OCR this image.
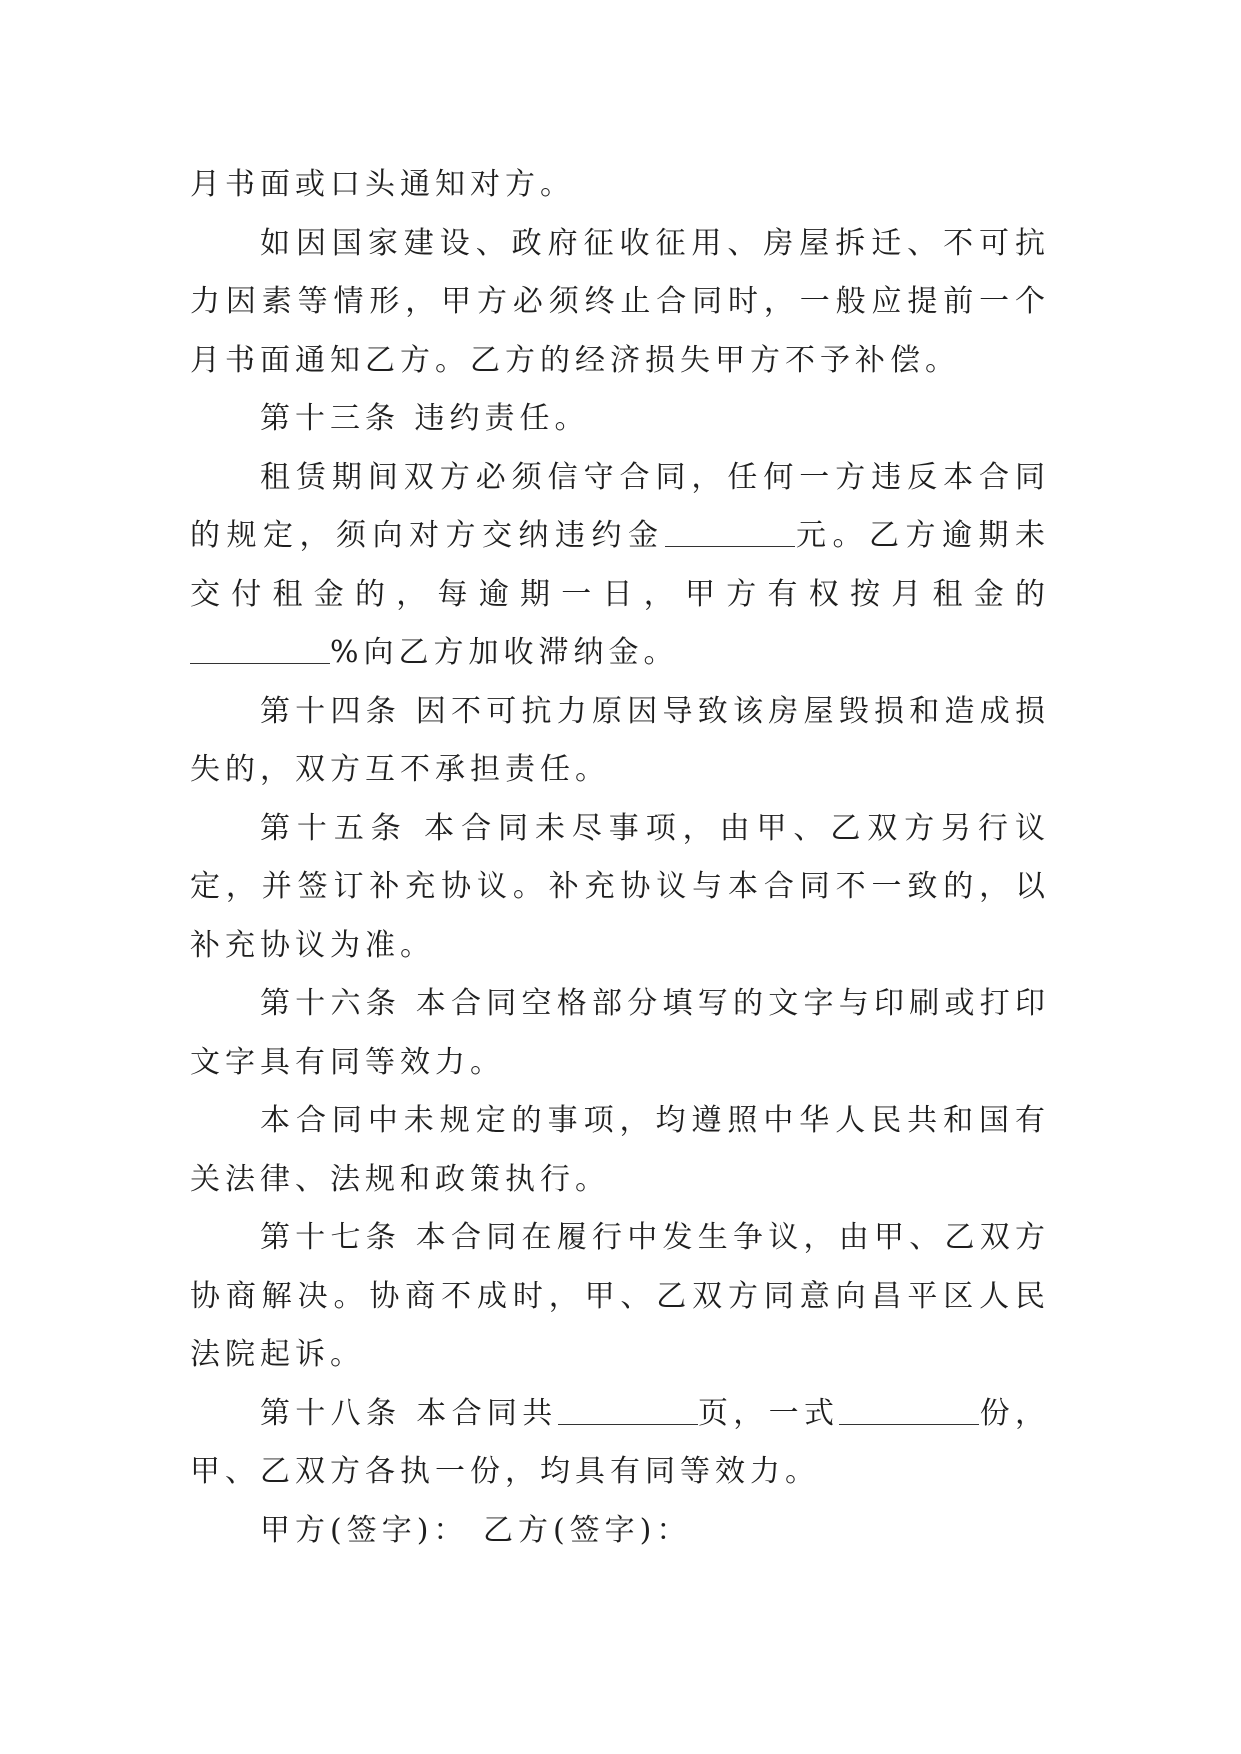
月书面或口头通知对方。

如因国家建设、政府征收征用、房屋拆迁、不可抗力因素等情形，甲方必须终止合同时，一般应提前一个月书面通知乙方。乙方的经济损失甲方不予补偿。

第十三条 违约责任。

租赁期间双方必须信守合同，任何一方违反本合同的规定，须向对方交纳违约金	元。乙方逾期未交付租金的，每逾期一日，甲方有权按月租金的%向乙方加收滞纳金。

第十四条 因不可抗力原因导致该房屋毁损和造成损失的，双方互不承担责任。

第十五条 本合同未尽事项，由甲、乙双方另行议定，并签订补充协议。补充协议与本合同不一致的，以补充协议为准。

第十六条 本合同空格部分填写的文字与印刷或打印文字具有同等效力。

本合同中未规定的事项，均遵照中华人民共和国有关法律、法规和政策执行。

第十七条 本合同在履行中发生争议，由甲、乙双方协商解决。协商不成时，甲、乙双方同意向昌平区人民法院起诉。

第十八条 本合同共	页，一式	份，甲、乙双方各执一份，均具有同等效力。

甲方(签字)： 乙方(签字)：
